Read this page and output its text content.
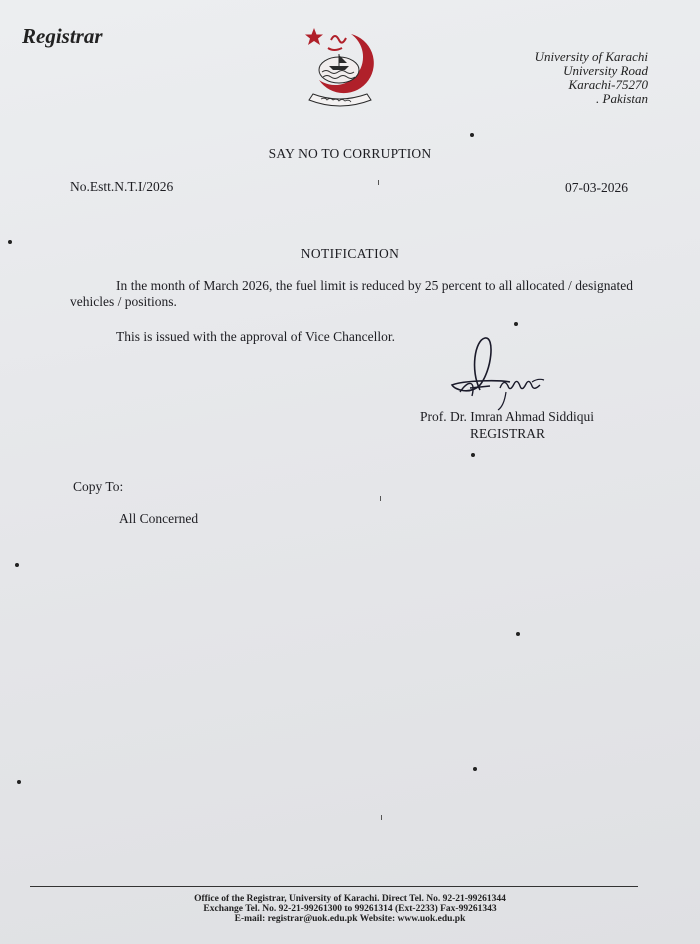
Registrar
University of Karachi
University Road
Karachi-75270
. Pakistan
SAY NO TO CORRUPTION
No.Estt.N.T.I/2026	07-03-2026
NOTIFICATION

In the month of March 2026, the fuel limit is reduced by 25 percent to all allocated / designated vehicles / positions.

This is issued with the approval of Vice Chancellor.
Prof. Dr. Imran Ahmad Siddiqui
REGISTRAR
Copy To:
All Concerned
Office of the Registrar, University of Karachi. Direct Tel. No. 92-21-99261344
Exchange Tel. No. 92-21-99261300 to 99261314 (Ext-2233) Fax-99261343
E-mail: registrar@uok.edu.pk Website: www.uok.edu.pk
